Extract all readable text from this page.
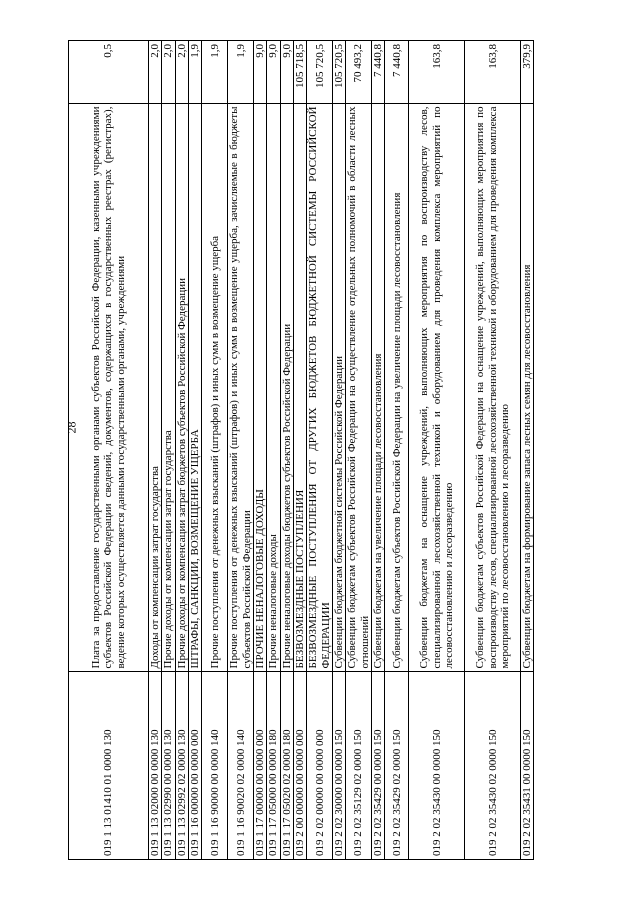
28
019 1 13 01410 01 0000 130	Плата за предоставление государственными органами субъектов Российской Федерации, казенными учреждениями субъектов Российской Федерации сведений, документов, содержащихся в государственных реестрах (регистрах), ведение которых осуществляется данными государственными органами, учреждениями	0,5
019 1 13 02000 00 0000 130	Доходы от компенсации затрат государства	2,0
019 1 13 02990 00 0000 130	Прочие доходы от компенсации затрат государства	2,0
019 1 13 02992 02 0000 130	Прочие доходы от компенсации затрат бюджетов субъектов Российской Федерации	2,0
019 1 16 00000 00 0000 000	ШТРАФЫ, САНКЦИИ, ВОЗМЕЩЕНИЕ УЩЕРБА	1,9
019 1 16 90000 00 0000 140	Прочие поступления от денежных взысканий (штрафов) и иных сумм в возмещение ущерба	1,9
019 1 16 90020 02 0000 140	Прочие поступления от денежных взысканий (штрафов) и иных сумм в возмещение ущерба, зачисляемые в бюджеты субъектов Российской Федерации	1,9
019 1 17 00000 00 0000 000	ПРОЧИЕ НЕНАЛОГОВЫЕ ДОХОДЫ	9,0
019 1 17 05000 00 0000 180	Прочие неналоговые доходы	9,0
019 1 17 05020 02 0000 180	Прочие неналоговые доходы бюджетов субъектов Российской Федерации	9,0
019 2 00 00000 00 0000 000	БЕЗВОЗМЕЗДНЫЕ ПОСТУПЛЕНИЯ	105 718,5
019 2 02 00000 00 0000 000	БЕЗВОЗМЕЗДНЫЕ ПОСТУПЛЕНИЯ ОТ ДРУГИХ БЮДЖЕТОВ БЮДЖЕТНОЙ СИСТЕМЫ РОССИЙСКОЙ ФЕДЕРАЦИИ	105 720,5
019 2 02 30000 00 0000 150	Субвенции бюджетам бюджетной системы Российской Федерации	105 720,5
019 2 02 35129 02 0000 150	Субвенции бюджетам субъектов Российской Федерации на осуществление отдельных полномочий в области лесных отношений	70 493,2
019 2 02 35429 00 0000 150	Субвенции бюджетам на увеличение площади лесовосстановления	7 440,8
019 2 02 35429 02 0000 150	Субвенции бюджетам субъектов Российской Федерации на увеличение площади лесовосстановления	7 440,8
019 2 02 35430 00 0000 150	Субвенции бюджетам на оснащение учреждений, выполняющих мероприятия по воспроизводству лесов, специализированной лесохозяйственной техникой и оборудованием для проведения комплекса мероприятий по лесовосстановлению и лесоразведению	163,8
019 2 02 35430 02 0000 150	Субвенции бюджетам субъектов Российской Федерации на оснащение учреждений, выполняющих мероприятия по воспроизводству лесов, специализированной лесохозяйственной техникой и оборудованием для проведения комплекса мероприятий по лесовосстановлению и лесоразведению	163,8
019 2 02 35431 00 0000 150	Субвенции бюджетам на формирование запаса лесных семян для лесовосстановления	379,9
